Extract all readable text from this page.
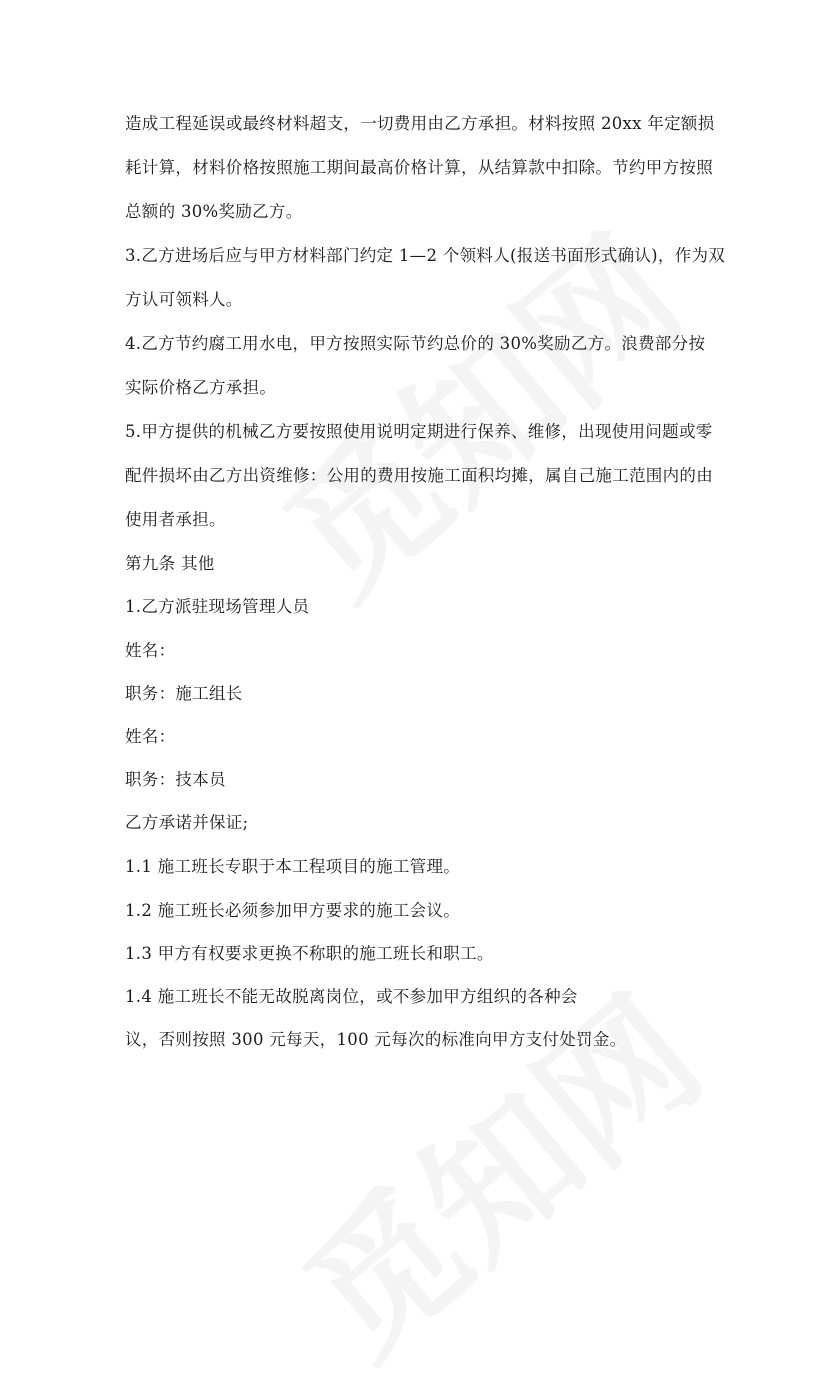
造成工程延误或最终材料超支，一切费用由乙方承担。材料按照 20xx 年定额损
耗计算，材料价格按照施工期间最高价格计算，从结算款中扣除。节约甲方按照
总额的 30%奖励乙方。
3.乙方进场后应与甲方材料部门约定 1—2 个领料人(报送书面形式确认)，作为双
方认可领料人。
4.乙方节约腐工用水电，甲方按照实际节约总价的 30%奖励乙方。浪费部分按
实际价格乙方承担。
5.甲方提供的机械乙方要按照使用说明定期进行保养、维修，出现使用问题或零
配件损坏由乙方出资维修：公用的费用按施工面积均摊，属自己施工范围内的由
使用者承担。
第九条 其他
1.乙方派驻现场管理人员
姓名：
职务：施工组长
姓名：
职务：技本员
乙方承诺并保证;
1.1 施工班长专职于本工程项目的施工管理。
1.2 施工班长必须参加甲方要求的施工会议。
1.3 甲方有权要求更换不称职的施工班长和职工。
1.4 施工班长不能无故脱离岗位，或不参加甲方组织的各种会
议，否则按照 300 元每天，100 元每次的标准向甲方支付处罚金。
